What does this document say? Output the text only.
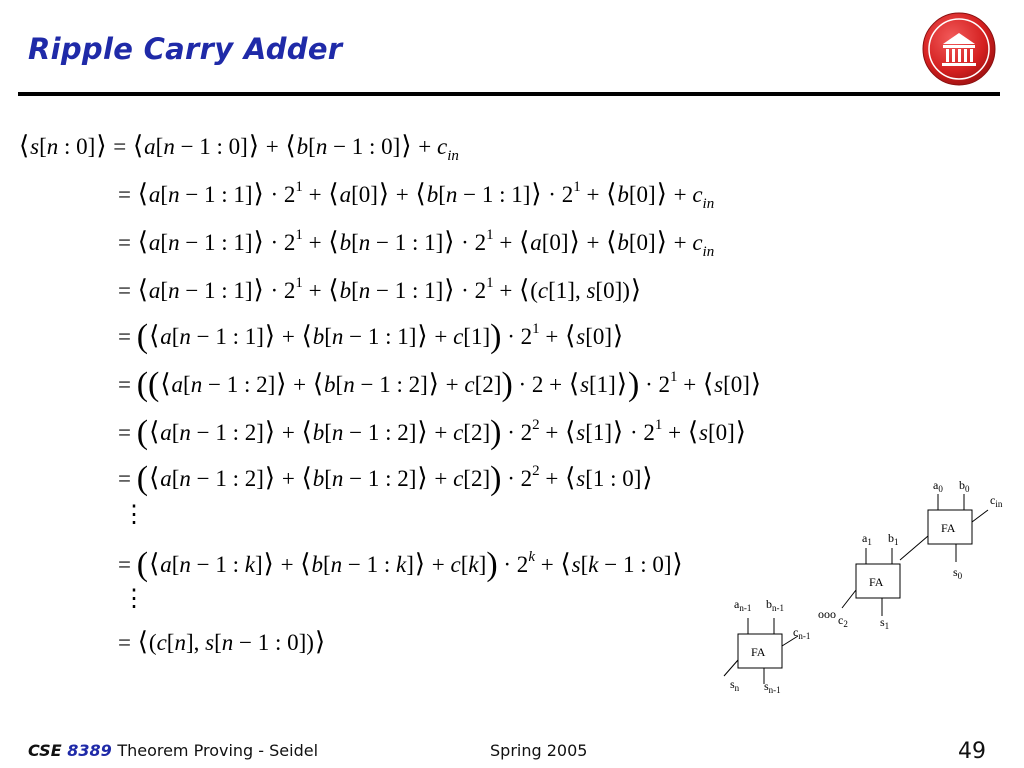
Ripple Carry Adder
⟨s[n : 0]⟩ = ⟨a[n − 1 : 0]⟩ + ⟨b[n − 1 : 0]⟩ + $c_{in}$
= ⟨a[n − 1 : 1]⟩ · $2^1$ + ⟨a[0]⟩ + ⟨b[n − 1 : 1]⟩ · $2^1$ + ⟨b[0]⟩ + $c_{in}$
= ⟨a[n − 1 : 1]⟩ · $2^1$ + ⟨b[n − 1 : 1]⟩ · $2^1$ + ⟨a[0]⟩ + ⟨b[0]⟩ + $c_{in}$
= ⟨a[n − 1 : 1]⟩ · $2^1$ + ⟨b[n − 1 : 1]⟩ · $2^1$ + ⟨(c[1], s[0])⟩
= (⟨a[n − 1 : 1]⟩ + ⟨b[n − 1 : 1]⟩ + $c[1]) \cdot 2^1$ + ⟨s[0]⟩
= ((⟨a[n − 1 : 2]⟩ + ⟨b[n − 1 : 2]⟩ + c[2]) · 2 + ⟨s[1]⟩) · $2^1$ + ⟨s[0]⟩
= (⟨a[n − 1 : 2]⟩ + ⟨b[n − 1 : 2]⟩ + $c[2]) \cdot 2^2$ + ⟨s[1]⟩ · $2^1$ + ⟨s[0]⟩
= (⟨a[n − 1 : 2]⟩ + ⟨b[n − 1 : 2]⟩ + $c[2]) \cdot 2^2$ + ⟨s[1 : 0]⟩
⋮
= (⟨a[n − 1 : k]⟩ + ⟨b[n − 1 : k]⟩ + $c[k]) \cdot 2^k$ + ⟨s[k − 1 : 0]⟩
⋮
= ⟨(c[n], s[n − 1 : 0])⟩
FA
FA
FA
$a_0$ $b_0$
$c_{in}$
$s_0$
$a_1$ $b_1$
$s_1$
$c_2$
ooo
$a_{n-1}$ $b_{n-1}$
$c_{n-1}$
$s_n$ $s_{n-1}$
CSE 8389 Theorem Proving - Seidel	Spring 2005	49
